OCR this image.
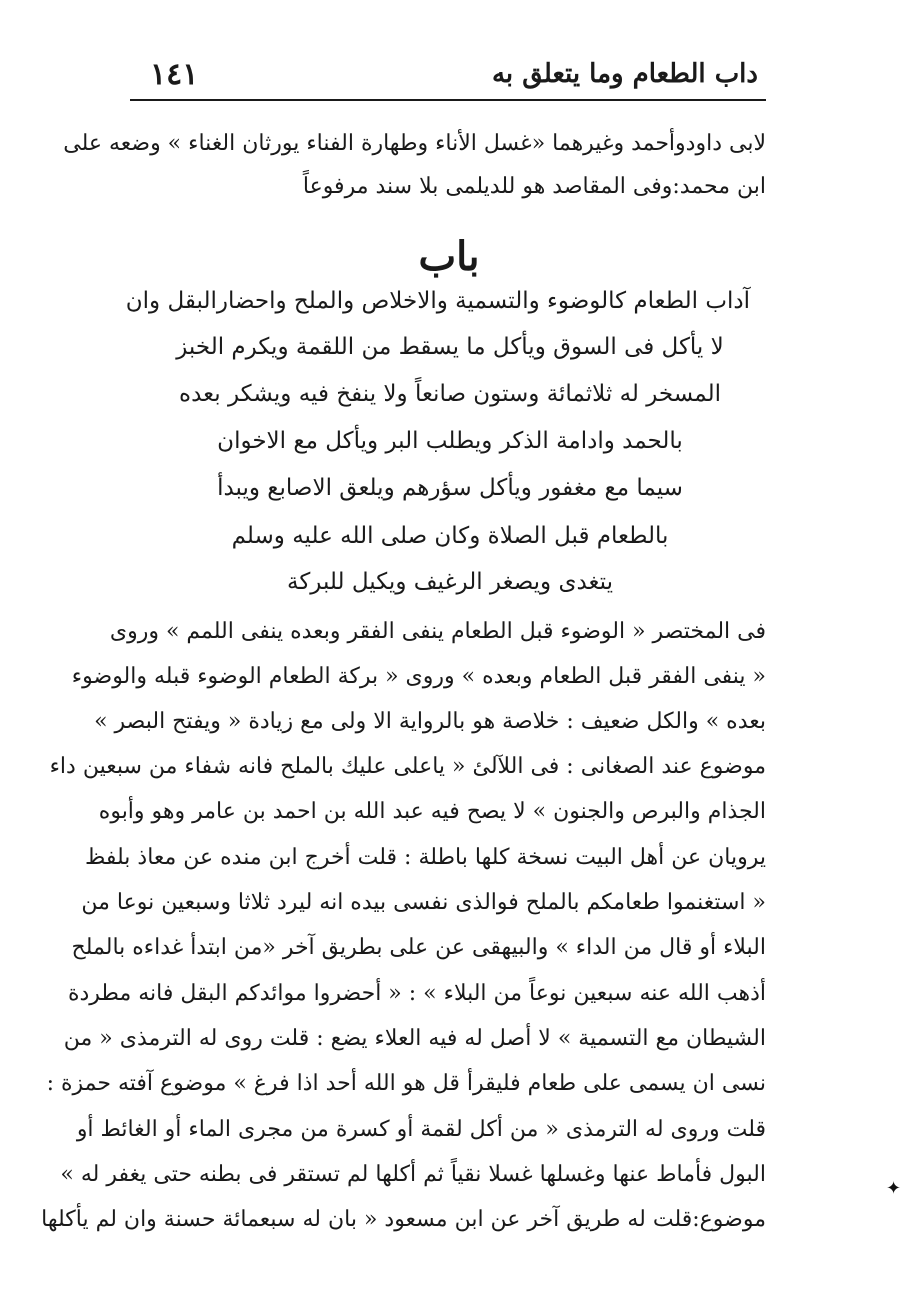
داب الطعام وما يتعلق به
١٤١
لابی داودوأحمد وغيرهما «غسل الأناء وطهارة الفناء يورثان الغناء » وضعه على
ابن محمد:وفى المقاصد هو للديلمى بلا سند مرفوعاً
باب
آداب الطعام كالوضوء والتسمية والاخلاص والملح واحضارالبقل وان
لا يأكل فى السوق ويأكل ما يسقط من اللقمة ويكرم الخبز
المسخر له ثلاثمائة وستون صانعاً ولا ينفخ فيه ويشكر بعده
بالحمد وادامة الذكر ويطلب البر ويأكل مع الاخوان
سيما مع مغفور ويأكل سؤرهم ويلعق الاصابع ويبدأ
بالطعام قبل الصلاة وكان صلى الله عليه وسلم
يتغدى ويصغر الرغيف ويكيل للبركة
فى المختصر « الوضوء قبل الطعام ينفى الفقر وبعده ينفى اللمم » وروى
« ينفى الفقر قبل الطعام وبعده » وروى « بركة الطعام الوضوء قبله والوضوء
بعده » والكل ضعيف : خلاصة هو بالرواية الا ولى مع زيادة « ويفتح البصر »
موضوع عند الصغانى : فى اللآلئ « ياعلى عليك بالملح فانه شفاء من سبعين داء
الجذام والبرص والجنون » لا يصح فيه عبد الله بن احمد بن عامر وهو وأبوه
يرويان عن أهل البيت نسخة كلها باطلة : قلت أخرج ابن منده عن معاذ بلفظ
« استغنموا طعامكم بالملح فوالذى نفسى بيده انه ليرد ثلاثا وسبعين نوعا من
البلاء أو قال من الداء » والبيهقى عن على بطريق آخر «من ابتدأ غداءه بالملح
أذهب الله عنه سبعين نوعاً من البلاء » : « أحضروا موائدكم البقل فانه مطردة
الشيطان مع التسمية » لا أصل له فيه العلاء يضع : قلت روى له الترمذى « من
نسى ان يسمى على طعام فليقرأ قل هو الله أحد اذا فرغ » موضوع آفته حمزة :
قلت وروى له الترمذى « من أكل لقمة أو كسرة من مجرى الماء أو الغائط أو
البول فأماط عنها وغسلها غسلا نقياً ثم أكلها لم تستقر فى بطنه حتى يغفر له »
موضوع:قلت له طريق آخر عن ابن مسعود « بان له سبعمائة حسنة وان لم يأكلها
✦
